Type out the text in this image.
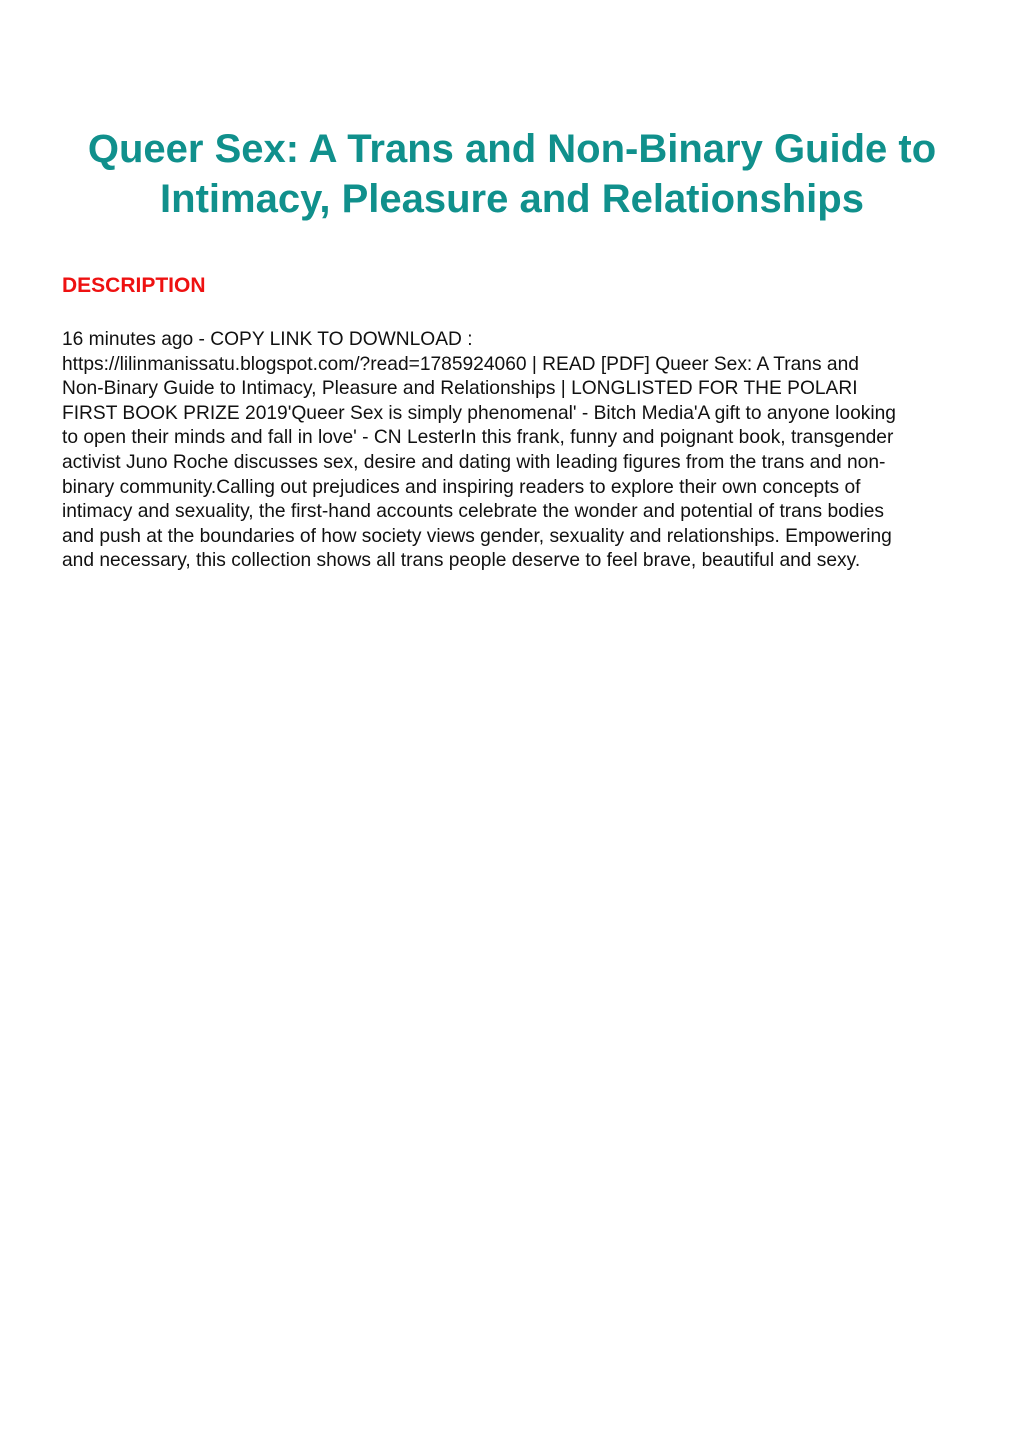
Queer Sex: A Trans and Non-Binary Guide to
Intimacy, Pleasure and Relationships
DESCRIPTION
16 minutes ago - COPY LINK TO DOWNLOAD :
https://lilinmanissatu.blogspot.com/?read=1785924060 | READ [PDF] Queer Sex: A Trans and
Non-Binary Guide to Intimacy, Pleasure and Relationships | LONGLISTED FOR THE POLARI
FIRST BOOK PRIZE 2019'Queer Sex is simply phenomenal' - Bitch Media'A gift to anyone looking
to open their minds and fall in love' - CN LesterIn this frank, funny and poignant book, transgender
activist Juno Roche discusses sex, desire and dating with leading figures from the trans and non-
binary community.Calling out prejudices and inspiring readers to explore their own concepts of
intimacy and sexuality, the first-hand accounts celebrate the wonder and potential of trans bodies
and push at the boundaries of how society views gender, sexuality and relationships. Empowering
and necessary, this collection shows all trans people deserve to feel brave, beautiful and sexy.
